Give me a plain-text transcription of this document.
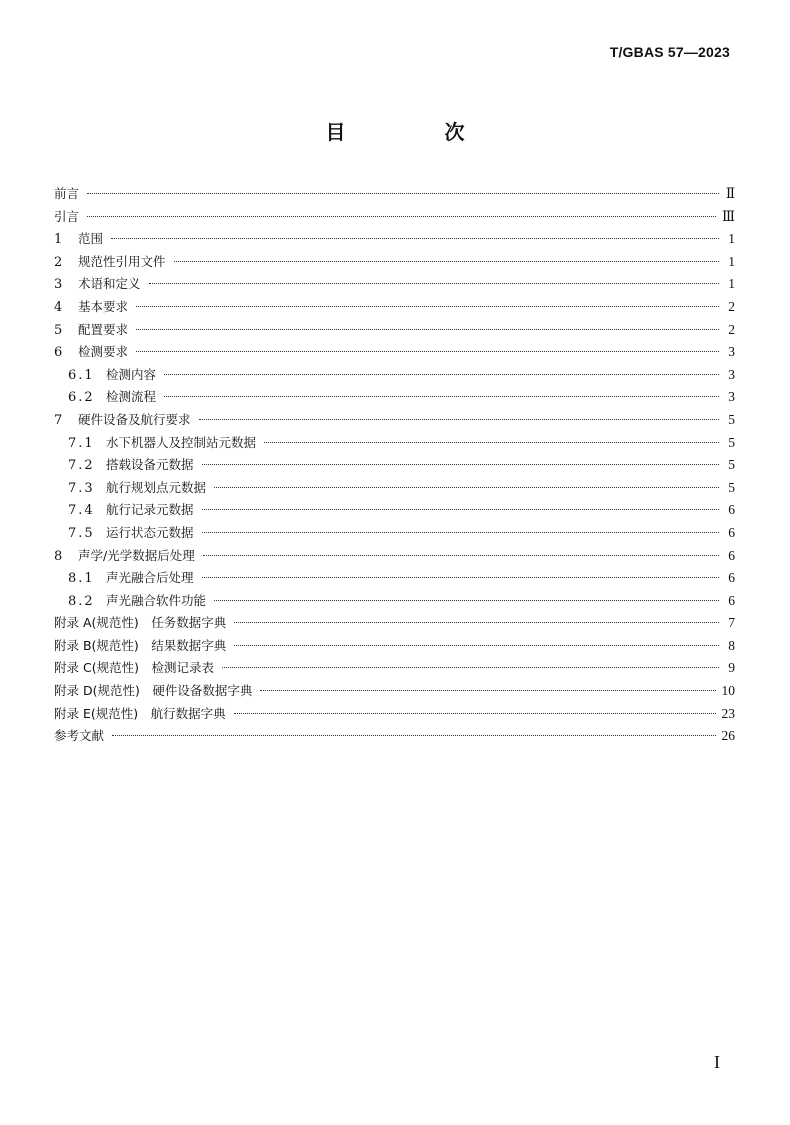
T/GBAS 57—2023
目 次
前言	Ⅱ
引言	Ⅲ
1	范围	1
2	规范性引用文件	1
3	术语和定义	1
4	基本要求	2
5	配置要求	2
6	检测要求	3
6.1 检测内容	3
6.2 检测流程	3
7	硬件设备及航行要求	5
7.1 水下机器人及控制站元数据	5
7.2 搭载设备元数据	5
7.3 航行规划点元数据	5
7.4 航行记录元数据	6
7.5 运行状态元数据	6
8	声学/光学数据后处理	6
8.1 声光融合后处理	6
8.2 声光融合软件功能	6
附录 A(规范性)　任务数据字典	7
附录 B(规范性)　结果数据字典	8
附录 C(规范性)　检测记录表	9
附录 D(规范性)　硬件设备数据字典	10
附录 E(规范性)　航行数据字典	23
参考文献	26
I
